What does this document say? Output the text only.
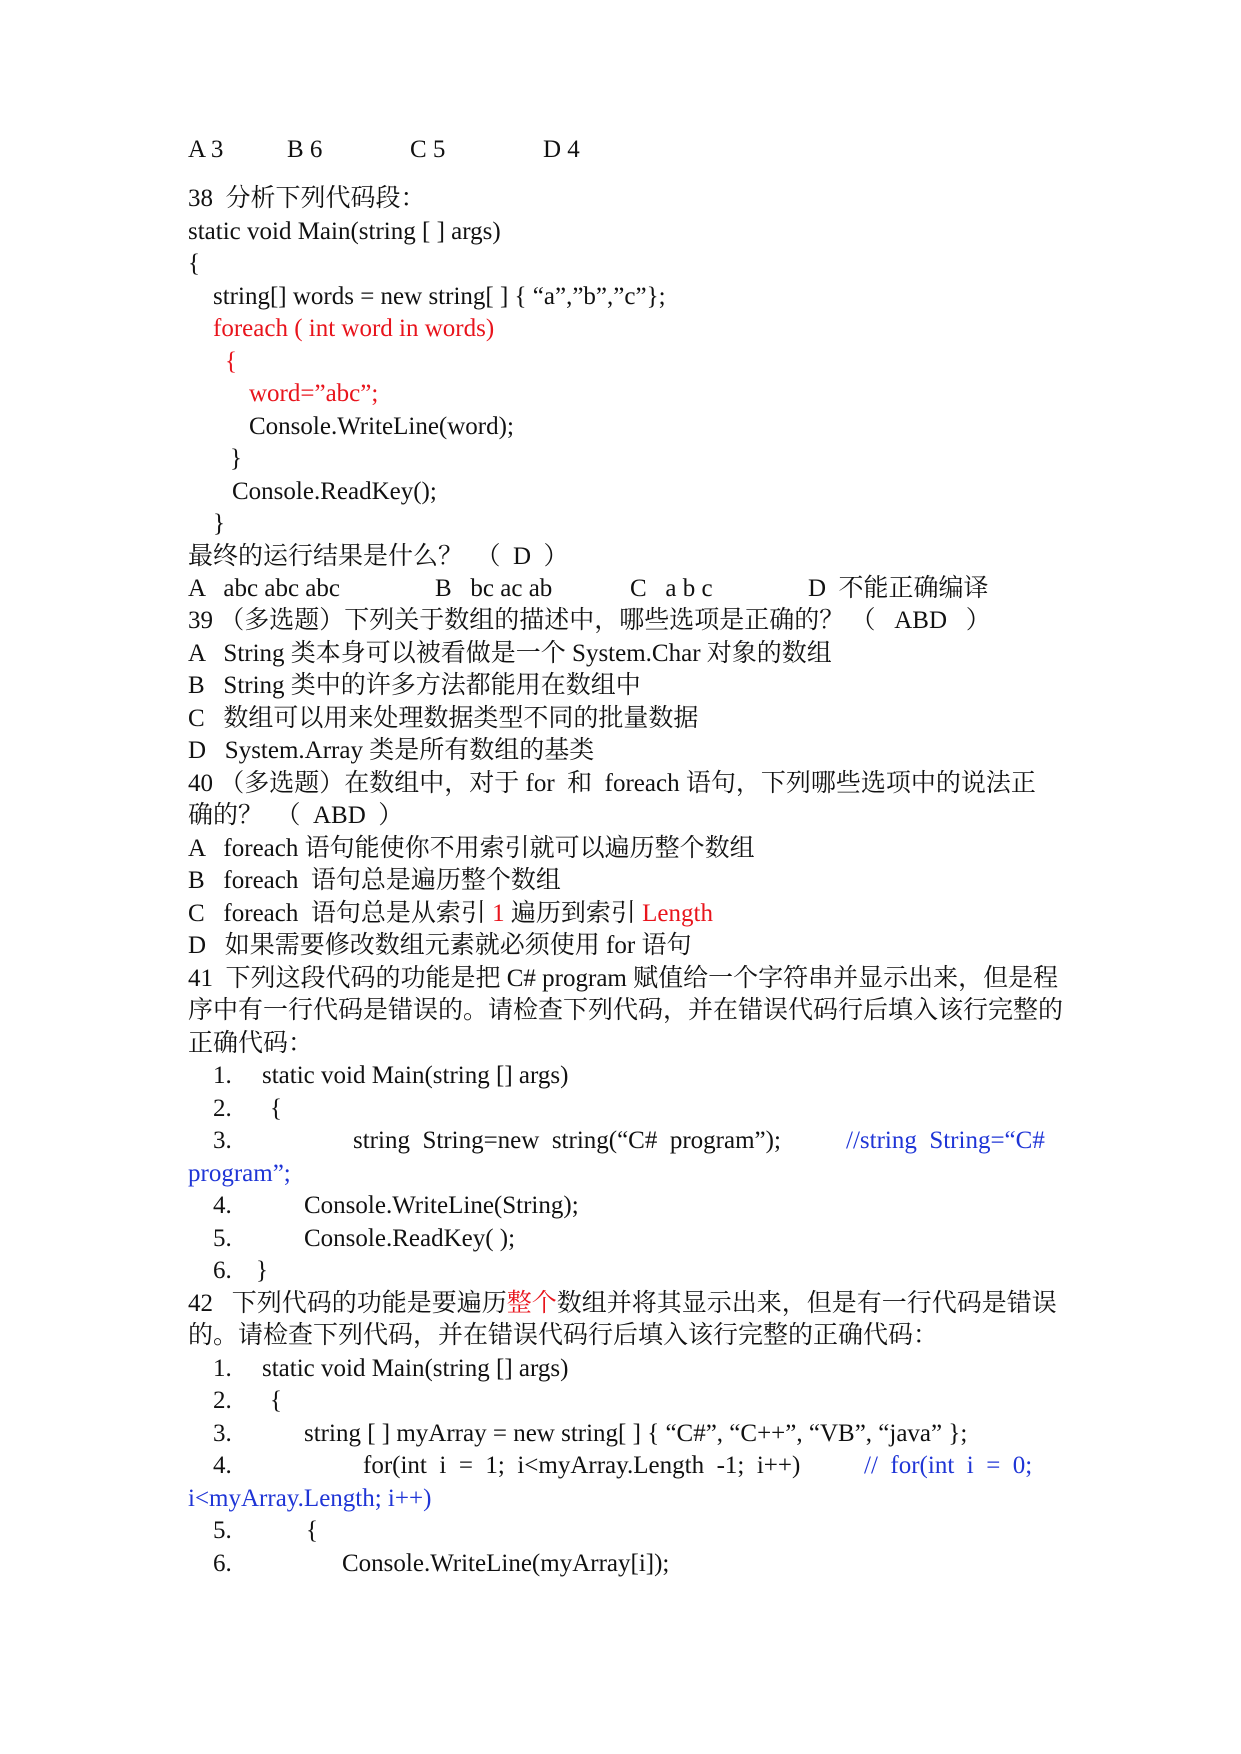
A 3	B 6	C 5	D 4
38  分析下列代码段：
static void Main(string [ ] args)
{
string[] words = new string[ ] { “a”,”b”,”c”};
foreach ( int word in words)
{
word=”abc”;
Console.WriteLine(word);
}
Console.ReadKey();
}
最终的运行结果是什么？  （  D  ）
A   abc abc abc	B   bc ac ab	C   a b c	D  不能正确编译
39 （多选题）下列关于数组的描述中，哪些选项是正确的？ （   ABD   ）
A   String 类本身可以被看做是一个 System.Char 对象的数组
B   String 类中的许多方法都能用在数组中
C   数组可以用来处理数据类型不同的批量数据
D   System.Array 类是所有数组的基类
40 （多选题）在数组中，对于 for  和  foreach 语句，下列哪些选项中的说法正
确的？  （  ABD  ）
A   foreach 语句能使你不用索引就可以遍历整个数组
B   foreach  语句总是遍历整个数组
C   foreach  语句总是从索引 1 遍历到索引 Length
D   如果需要修改数组元素就必须使用 for 语句
41  下列这段代码的功能是把 C# program 赋值给一个字符串并显示出来，但是程
序中有一行代码是错误的。请检查下列代码，并在错误代码行后填入该行完整的
正确代码：
1. static void Main(string [] args)
2. {
3.	string  String=new  string(“C#  program”);	//string  String=“C#
program”;
4.	Console.WriteLine(String);
5.	Console.ReadKey( );
6. }
42   下列代码的功能是要遍历整个数组并将其显示出来，但是有一行代码是错误
的。请检查下列代码，并在错误代码行后填入该行完整的正确代码：
1. static void Main(string [] args)
2. {
3.	string [ ] myArray = new string[ ] { “C#”, “C++”, “VB”, “java” };
4.	for(int  i  =  1;  i<myArray.Length  -1;  i++)	//  for(int  i  =  0;
i<myArray.Length; i++)
5.	{
6.	Console.WriteLine(myArray[i]);
